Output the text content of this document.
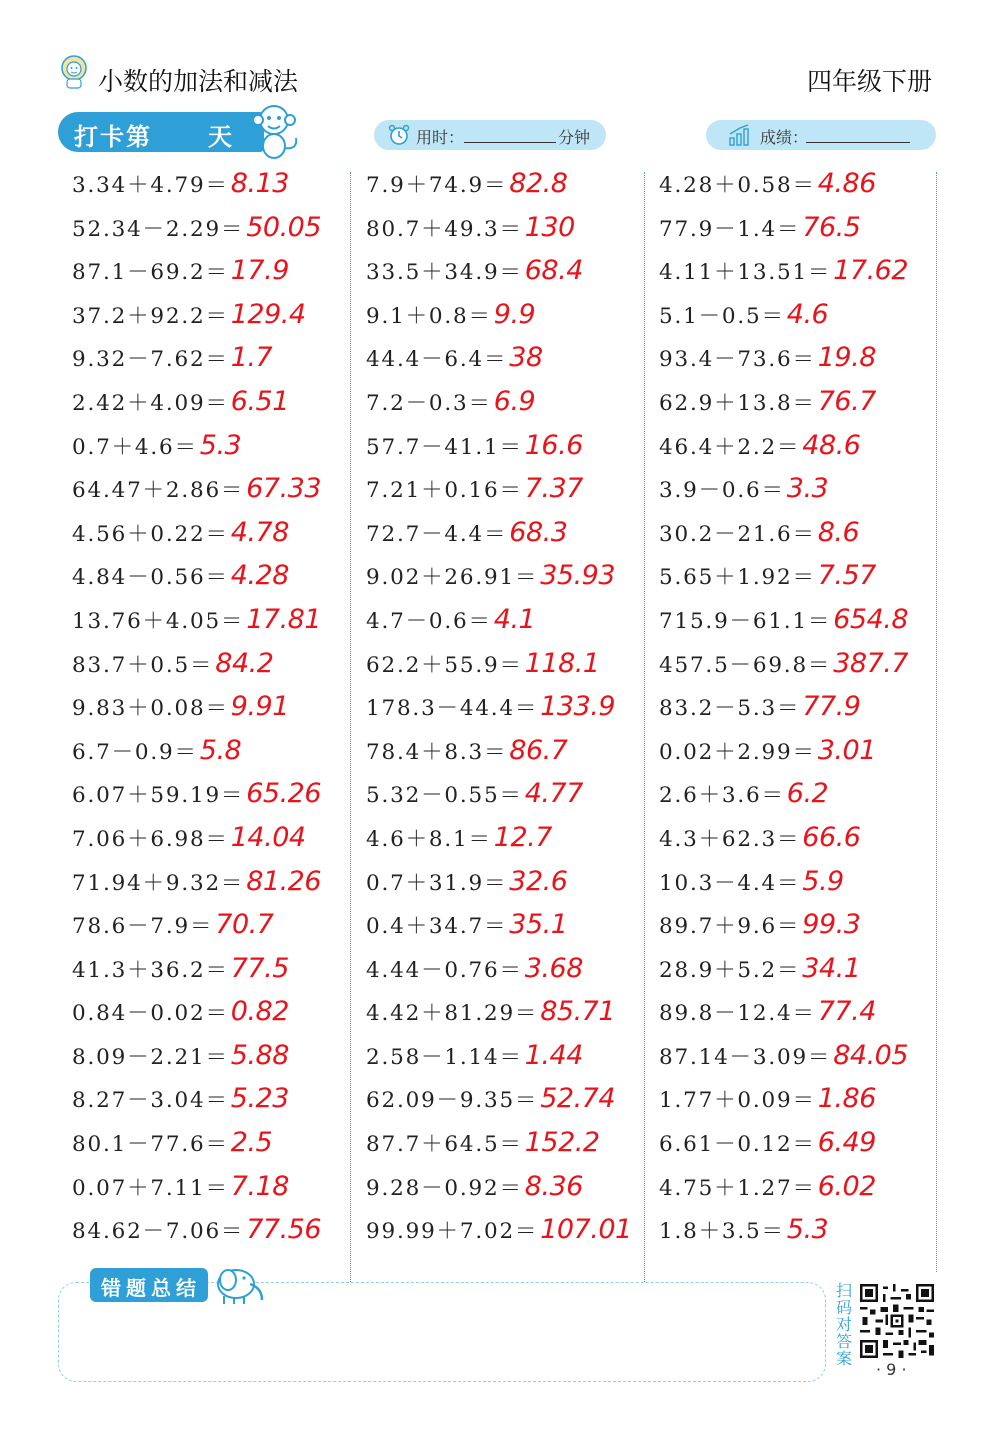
小数的加法和减法	四年级下册
打卡第 天	用时：	分钟	成绩：
3.34＋4.79＝8.13
52.34－2.29＝50.05
87.1－69.2＝17.9
37.2＋92.2＝129.4
9.32－7.62＝1.7
2.42＋4.09＝6.51
0.7＋4.6＝5.3
64.47＋2.86＝67.33
4.56＋0.22＝4.78
4.84－0.56＝4.28
13.76＋4.05＝17.81
83.7＋0.5＝84.2
9.83＋0.08＝9.91
6.7－0.9＝5.8
6.07＋59.19＝65.26
7.06＋6.98＝14.04
71.94＋9.32＝81.26
78.6－7.9＝70.7
41.3＋36.2＝77.5
0.84－0.02＝0.82
8.09－2.21＝5.88
8.27－3.04＝5.23
80.1－77.6＝2.5
0.07＋7.11＝7.18
84.62－7.06＝77.56
7.9＋74.9＝82.8
80.7＋49.3＝130
33.5＋34.9＝68.4
9.1＋0.8＝9.9
44.4－6.4＝38
7.2－0.3＝6.9
57.7－41.1＝16.6
7.21＋0.16＝7.37
72.7－4.4＝68.3
9.02＋26.91＝35.93
4.7－0.6＝4.1
62.2＋55.9＝118.1
178.3－44.4＝133.9
78.4＋8.3＝86.7
5.32－0.55＝4.77
4.6＋8.1＝12.7
0.7＋31.9＝32.6
0.4＋34.7＝35.1
4.44－0.76＝3.68
4.42＋81.29＝85.71
2.58－1.14＝1.44
62.09－9.35＝52.74
87.7＋64.5＝152.2
9.28－0.92＝8.36
99.99＋7.02＝107.01
4.28＋0.58＝4.86
77.9－1.4＝76.5
4.11＋13.51＝17.62
5.1－0.5＝4.6
93.4－73.6＝19.8
62.9＋13.8＝76.7
46.4＋2.2＝48.6
3.9－0.6＝3.3
30.2－21.6＝8.6
5.65＋1.92＝7.57
715.9－61.1＝654.8
457.5－69.8＝387.7
83.2－5.3＝77.9
0.02＋2.99＝3.01
2.6＋3.6＝6.2
4.3＋62.3＝66.6
10.3－4.4＝5.9
89.7＋9.6＝99.3
28.9＋5.2＝34.1
89.8－12.4＝77.4
87.14－3.09＝84.05
1.77＋0.09＝1.86
6.61－0.12＝6.49
4.75＋1.27＝6.02
1.8＋3.5＝5.3
错题总结	扫码对答案
· 9 ·
